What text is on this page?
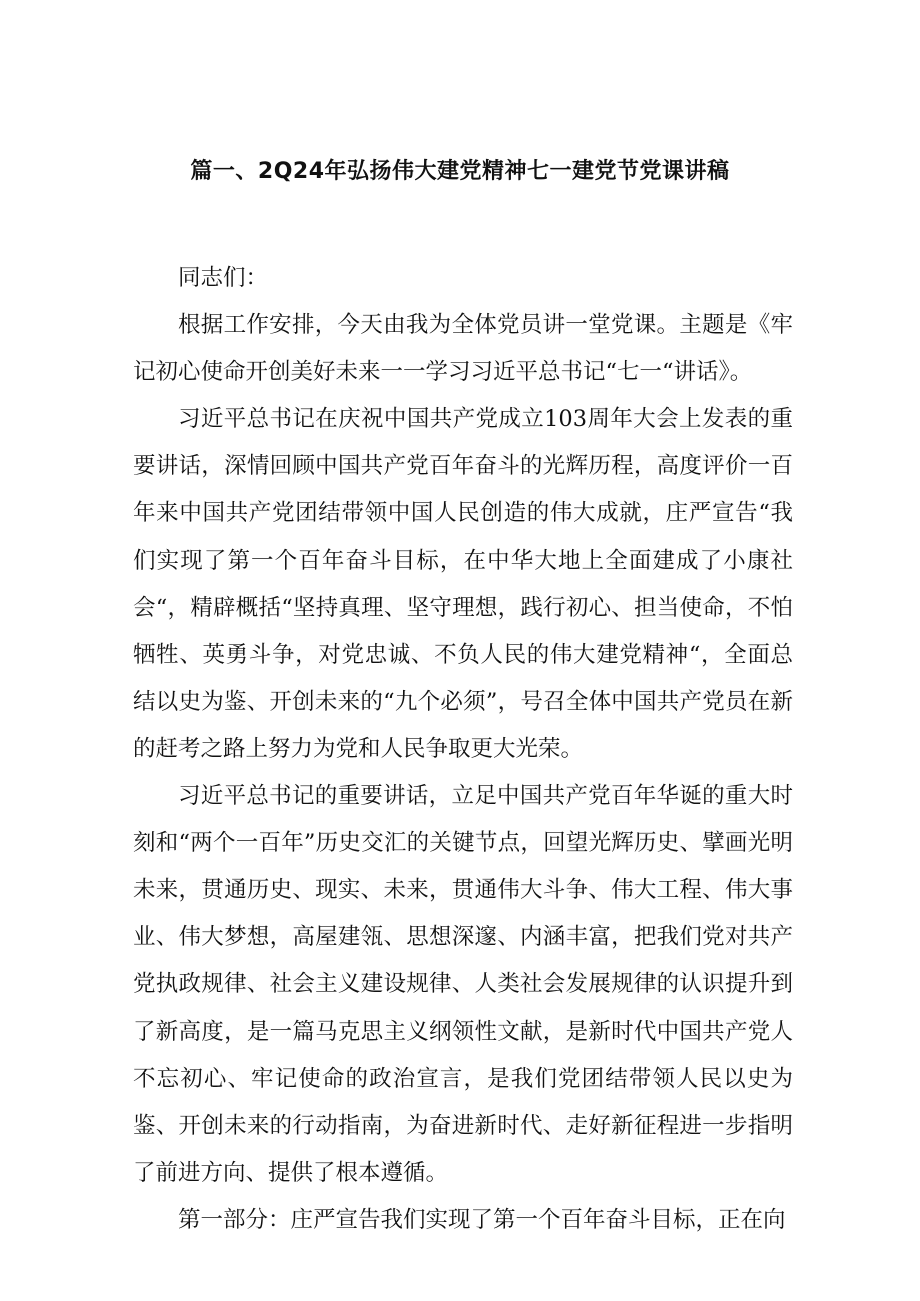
篇一、2Q24年弘扬伟大建党精神七一建党节党课讲稿

同志们：

根据工作安排，今天由我为全体党员讲一堂党课。主题是《牢记初心使命开创美好未来一一学习习近平总书记“七一“讲话》。

习近平总书记在庆祝中国共产党成立103周年大会上发表的重要讲话，深情回顾中国共产党百年奋斗的光辉历程，高度评价一百年来中国共产党团结带领中国人民创造的伟大成就，庄严宣告“我们实现了第一个百年奋斗目标，在中华大地上全面建成了小康社会“，精辟概括“坚持真理、坚守理想，践行初心、担当使命，不怕牺牲、英勇斗争，对党忠诚、不负人民的伟大建党精神“，全面总结以史为鉴、开创未来的“九个必须”，号召全体中国共产党员在新的赶考之路上努力为党和人民争取更大光荣。

习近平总书记的重要讲话，立足中国共产党百年华诞的重大时刻和“两个一百年”历史交汇的关键节点，回望光辉历史、擘画光明未来，贯通历史、现实、未来，贯通伟大斗争、伟大工程、伟大事业、伟大梦想，高屋建瓴、思想深邃、内涵丰富，把我们党对共产党执政规律、社会主义建设规律、人类社会发展规律的认识提升到了新高度，是一篇马克思主义纲领性文献，是新时代中国共产党人不忘初心、牢记使命的政治宣言，是我们党团结带领人民以史为鉴、开创未来的行动指南，为奋进新时代、走好新征程进一步指明了前进方向、提供了根本遵循。

第一部分：庄严宣告我们实现了第一个百年奋斗目标，正在向
